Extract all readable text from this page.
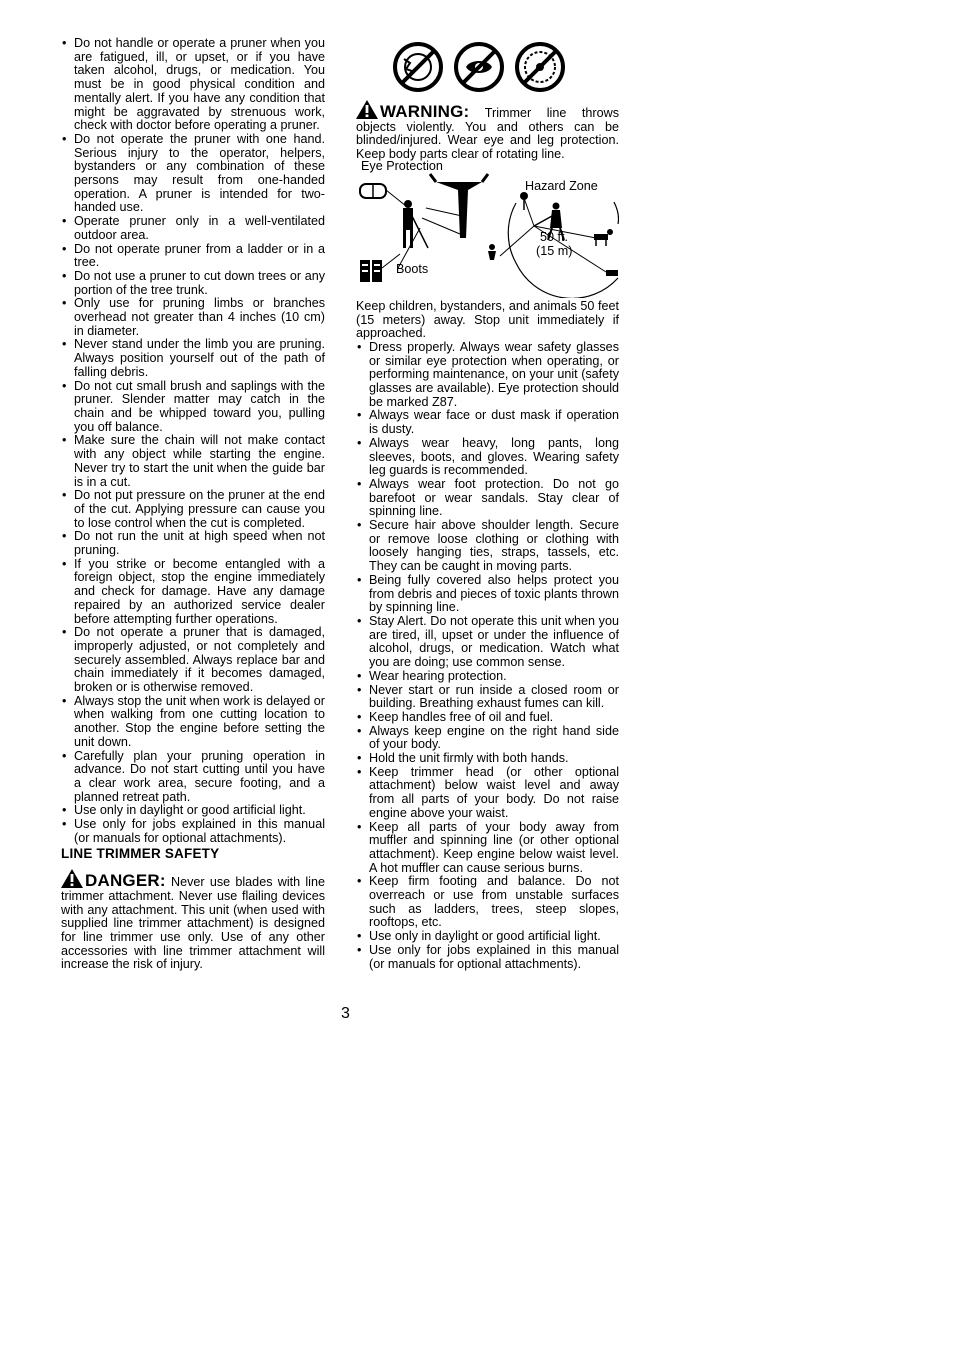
• Do not handle or operate a pruner when you are fatigued, ill, or upset, or if you have taken alcohol, drugs, or medication. You must be in good physical condition and mentally alert. If you have any condition that might be aggravated by strenuous work, check with doctor before operating a pruner.
• Do not operate the pruner with one hand. Serious injury to the operator, helpers, bystanders or any combination of these persons may result from one-handed operation. A pruner is intended for two-handed use.
• Operate pruner only in a well-ventilated outdoor area.
• Do not operate pruner from a ladder or in a tree.
• Do not use a pruner to cut down trees or any portion of the tree trunk.
• Only use for pruning limbs or branches overhead not greater than 4 inches (10 cm) in diameter.
• Never stand under the limb you are pruning. Always position yourself out of the path of falling debris.
• Do not cut small brush and saplings with the pruner. Slender matter may catch in the chain and be whipped toward you, pulling you off balance.
• Make sure the chain will not make contact with any object while starting the engine. Never try to start the unit when the guide bar is in a cut.
• Do not put pressure on the pruner at the end of the cut. Applying pressure can cause you to lose control when the cut is completed.
• Do not run the unit at high speed when not pruning.
• If you strike or become entangled with a foreign object, stop the engine immediately and check for damage. Have any damage repaired by an authorized service dealer before attempting further operations.
• Do not operate a pruner that is damaged, improperly adjusted, or not completely and securely assembled. Always replace bar and chain immediately if it becomes damaged, broken or is otherwise removed.
• Always stop the unit when work is delayed or when walking from one cutting location to another. Stop the engine before setting the unit down.
• Carefully plan your pruning operation in advance. Do not start cutting until you have a clear work area, secure footing, and a planned retreat path.
• Use only in daylight or good artificial light.
• Use only for jobs explained in this manual (or manuals for optional attachments).
LINE TRIMMER SAFETY
DANGER: Never use blades with line trimmer attachment. Never use flailing devices with any attachment. This unit (when used with supplied line trimmer attachment) is designed for line trimmer use only. Use of any other accessories with line trimmer attachment will increase the risk of injury.
WARNING: Trimmer line throws objects violently. You and others can be blinded/injured. Wear eye and leg protection. Keep body parts clear of rotating line.
Eye Protection
Hazard Zone
50 ft.
(15 m)
Boots
Keep children, bystanders, and animals 50 feet (15 meters) away. Stop unit immediately if approached.
• Dress properly. Always wear safety glasses or similar eye protection when operating, or performing maintenance, on your unit (safety glasses are available). Eye protection should be marked Z87.
• Always wear face or dust mask if operation is dusty.
• Always wear heavy, long pants, long sleeves, boots, and gloves. Wearing safety leg guards is recommended.
• Always wear foot protection. Do not go barefoot or wear sandals. Stay clear of spinning line.
• Secure hair above shoulder length. Secure or remove loose clothing or clothing with loosely hanging ties, straps, tassels, etc. They can be caught in moving parts.
• Being fully covered also helps protect you from debris and pieces of toxic plants thrown by spinning line.
• Stay Alert. Do not operate this unit when you are tired, ill, upset or under the influence of alcohol, drugs, or medication. Watch what you are doing; use common sense.
• Wear hearing protection.
• Never start or run inside a closed room or building. Breathing exhaust fumes can kill.
• Keep handles free of oil and fuel.
• Always keep engine on the right hand side of your body.
• Hold the unit firmly with both hands.
• Keep trimmer head (or other optional attachment) below waist level and away from all parts of your body. Do not raise engine above your waist.
• Keep all parts of your body away from muffler and spinning line (or other optional attachment). Keep engine below waist level. A hot muffler can cause serious burns.
• Keep firm footing and balance. Do not overreach or use from unstable surfaces such as ladders, trees, steep slopes, rooftops, etc.
• Use only in daylight or good artificial light.
• Use only for jobs explained in this manual (or manuals for optional attachments).
3
